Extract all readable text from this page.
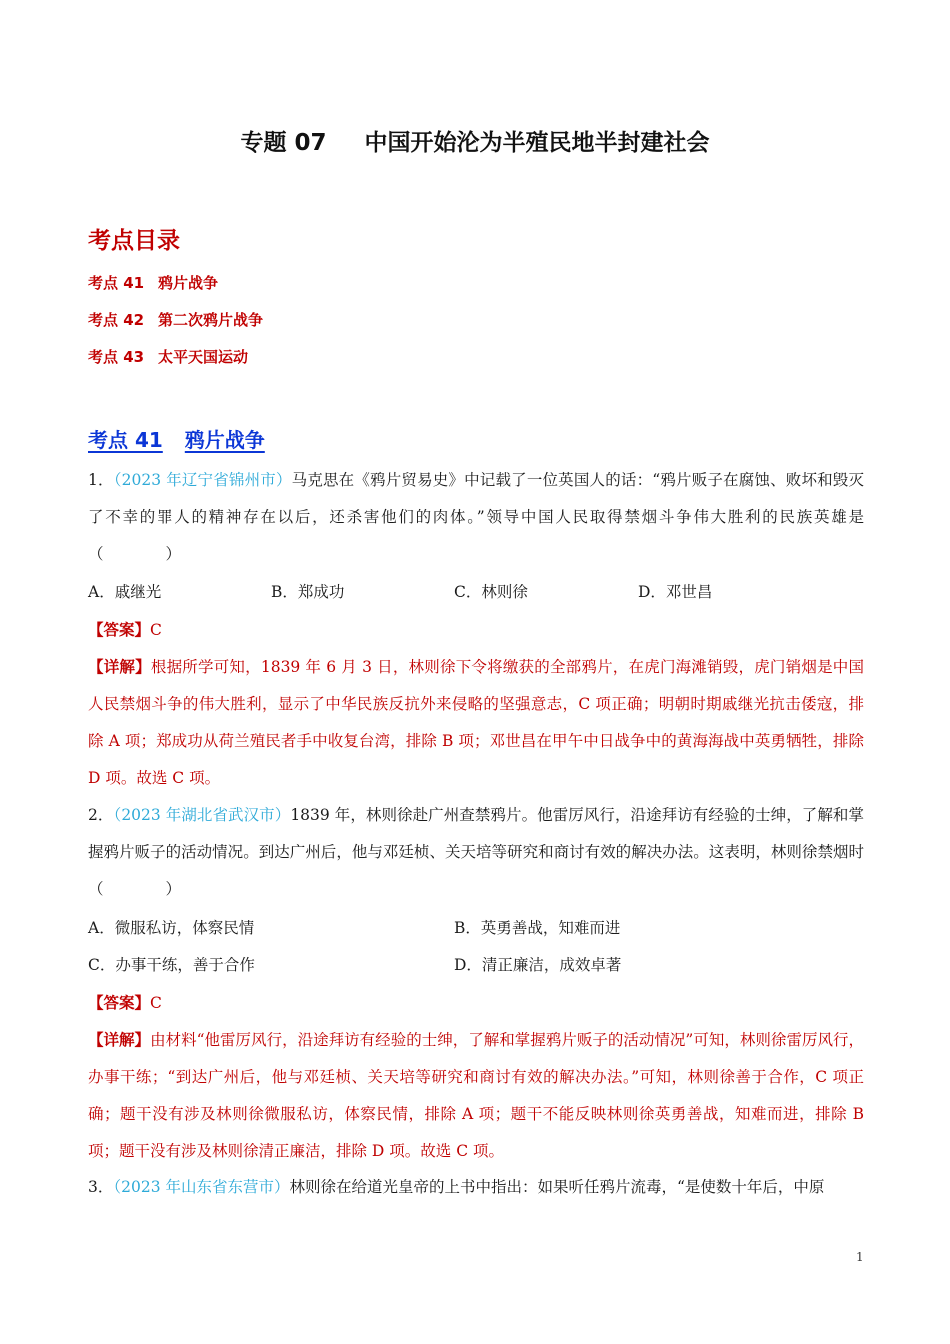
专题 07 中国开始沦为半殖民地半封建社会
考点目录
考点 41 鸦片战争
考点 42 第二次鸦片战争
考点 43 太平天国运动
考点 41 鸦片战争
1．（2023 年辽宁省锦州市）马克思在《鸦片贸易史》中记载了一位英国人的话：“鸦片贩子在腐蚀、败坏和毁灭了不幸的罪人的精神存在以后，还杀害他们的肉体。”领导中国人民取得禁烟斗争伟大胜利的民族英雄是（　　　　）
A．戚继光	B．郑成功	C．林则徐	D．邓世昌
【答案】C
【详解】根据所学可知，1839 年 6 月 3 日，林则徐下令将缴获的全部鸦片，在虎门海滩销毁，虎门销烟是中国人民禁烟斗争的伟大胜利，显示了中华民族反抗外来侵略的坚强意志，C 项正确；明朝时期戚继光抗击倭寇，排除 A 项；郑成功从荷兰殖民者手中收复台湾，排除 B 项；邓世昌在甲午中日战争中的黄海海战中英勇牺牲，排除 D 项。故选 C 项。
2．（2023 年湖北省武汉市）1839 年，林则徐赴广州查禁鸦片。他雷厉风行，沿途拜访有经验的士绅，了解和掌握鸦片贩子的活动情况。到达广州后，他与邓廷桢、关天培等研究和商讨有效的解决办法。这表明，林则徐禁烟时（　　　　）
A．微服私访，体察民情	B．英勇善战，知难而进
C．办事干练，善于合作	D．清正廉洁，成效卓著
【答案】C
【详解】由材料“他雷厉风行，沿途拜访有经验的士绅，了解和掌握鸦片贩子的活动情况”可知，林则徐雷厉风行，办事干练；“到达广州后，他与邓廷桢、关天培等研究和商讨有效的解决办法。”可知，林则徐善于合作，C 项正确；题干没有涉及林则徐微服私访，体察民情，排除 A 项；题干不能反映林则徐英勇善战，知难而进，排除 B 项；题干没有涉及林则徐清正廉洁，排除 D 项。故选 C 项。
3．（2023 年山东省东营市）林则徐在给道光皇帝的上书中指出：如果听任鸦片流毒，“是使数十年后，中原
1
